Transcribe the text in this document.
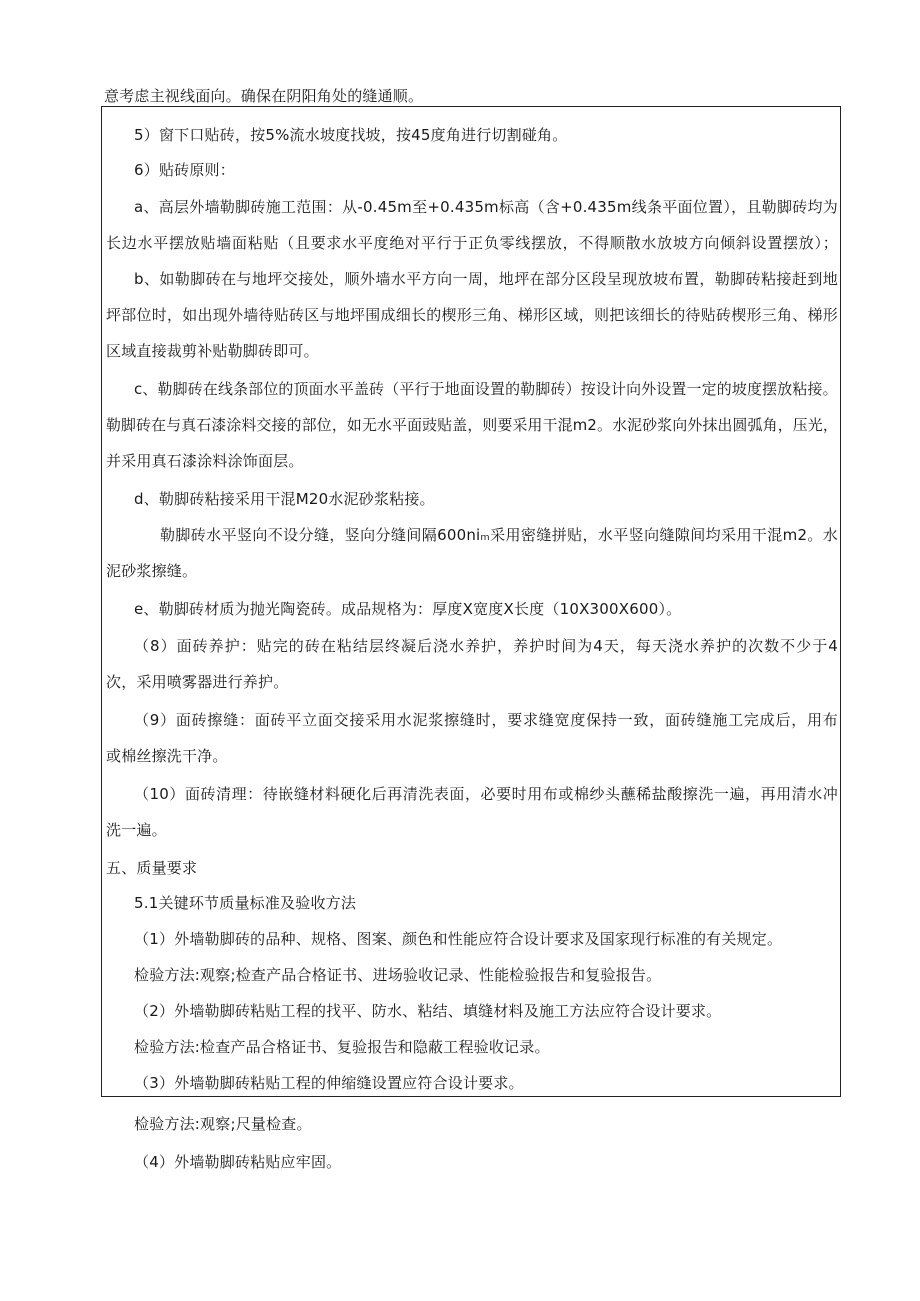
意考虑主视线面向。确保在阴阳角处的缝通顺。
5）窗下口贴砖，按5%流水坡度找坡，按45度角进行切割碰角。
6）贴砖原则：
a、高层外墙勒脚砖施工范围：从-0.45m至+0.435m标高（含+0.435m线条平面位置），且勒脚砖均为
长边水平摆放贴墙面粘贴（且要求水平度绝对平行于正负零线摆放，不得顺散水放坡方向倾斜设置摆放）；
b、如勒脚砖在与地坪交接处，顺外墙水平方向一周，地坪在部分区段呈现放坡布置，勒脚砖粘接赶到地
坪部位时，如出现外墙待贴砖区与地坪围成细长的楔形三角、梯形区域，则把该细长的待贴砖楔形三角、梯形
区域直接裁剪补贴勒脚砖即可。
c、勒脚砖在线条部位的顶面水平盖砖（平行于地面设置的勒脚砖）按设计向外设置一定的坡度摆放粘接。
勒脚砖在与真石漆涂料交接的部位，如无水平面豉贴盖，则要采用干混m2。水泥砂浆向外抹出圆弧角，压光，
并采用真石漆涂料涂饰面层。
d、勒脚砖粘接采用干混M20水泥砂浆粘接。
勒脚砖水平竖向不设分缝，竖向分缝间隔600niₘ采用密缝拼贴，水平竖向缝隙间均采用干混m2。水
泥砂浆擦缝。
e、勒脚砖材质为抛光陶瓷砖。成品规格为：厚度X宽度X长度（10X300X600）。
（8）面砖养护：贴完的砖在粘结层终凝后浇水养护，养护时间为4天，每天浇水养护的次数不少于4
次，采用喷雾器进行养护。
（9）面砖擦缝：面砖平立面交接采用水泥浆擦缝时，要求缝宽度保持一致，面砖缝施工完成后，用布
或棉丝擦洗干净。
（10）面砖清理：待嵌缝材料硬化后再清洗表面，必要时用布或棉纱头蘸稀盐酸擦洗一遍，再用清水冲
洗一遍。
五、质量要求
5.1关键环节质量标准及验收方法
（1）外墙勒脚砖的品种、规格、图案、颜色和性能应符合设计要求及国家现行标准的有关规定。
检验方法:观察;检查产品合格证书、进场验收记录、性能检验报告和复验报告。
（2）外墙勒脚砖粘贴工程的找平、防水、粘结、填缝材料及施工方法应符合设计要求。
检验方法:检查产品合格证书、复验报告和隐蔽工程验收记录。
（3）外墙勒脚砖粘贴工程的伸缩缝设置应符合设计要求。
检验方法:观察;尺量检查。
（4）外墙勒脚砖粘贴应牢固。
